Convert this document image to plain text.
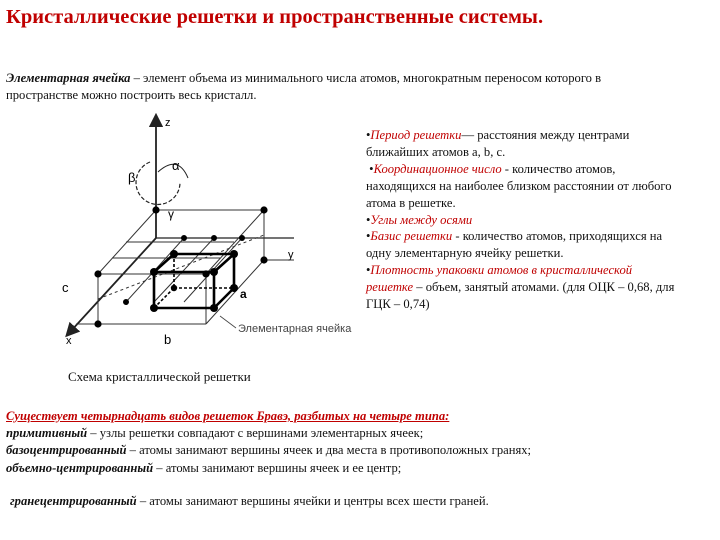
Кристаллические решетки и пространственные системы.
Элементарная ячейка – элемент объема из минимального числа атомов, многократным переносом которого в
пространстве можно построить весь кристалл.
z
α
β
γ
y
c	a
b
x
Элементарная ячейка
Схема кристаллической решетки
•Период решетки— расстояния между центрами
ближайших атомов a, b, c.
•Координационное число - количество атомов,
находящихся на наиболее близком расстоянии от любого
атома в решетке.
•Углы между осями
•Базис решетки - количество атомов, приходящихся на
одну элементарную ячейку решетки.
•Плотность упаковки атомов в кристаллической
решетке – объем, занятый атомами. (для ОЦК – 0,68, для
ГЦК – 0,74)
Существует четырнадцать видов решеток Бравэ, разбитых на четыре типа:
примитивный – узлы решетки совпадают с вершинами элементарных ячеек;
базоцентрированный – атомы занимают вершины ячеек и два места в противоположных гранях;
объемно-центрированный – атомы занимают вершины ячеек и ее центр;
гранецентрированный – атомы занимают вершины ячейки и центры всех шести граней.
